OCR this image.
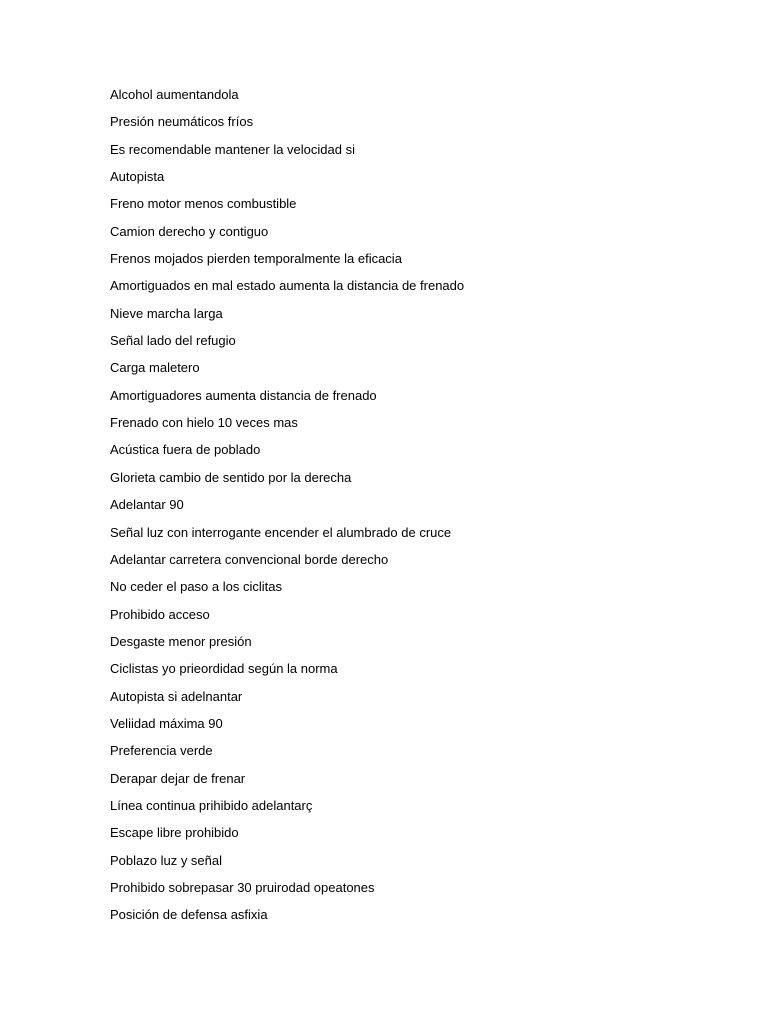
Alcohol aumentandola
Presión neumáticos fríos
Es recomendable mantener la velocidad si
Autopista
Freno motor menos combustible
Camion derecho y contiguo
Frenos mojados pierden temporalmente la eficacia
Amortiguados en mal estado aumenta la distancia de frenado
Nieve marcha larga
Señal lado del refugio
Carga maletero
Amortiguadores aumenta distancia de frenado
Frenado con hielo 10 veces mas
Acústica fuera de poblado
Glorieta cambio de sentido por la derecha
Adelantar 90
Señal luz con interrogante encender el alumbrado de cruce
Adelantar carretera convencional borde derecho
No ceder el paso a los ciclitas
Prohibido acceso
Desgaste menor presión
Ciclistas yo prieordidad según la norma
Autopista si adelnantar
Veliidad máxima 90
Preferencia verde
Derapar dejar de frenar
Línea continua prihibido adelantarç
Escape libre prohibido
Poblazo luz y señal
Prohibido sobrepasar 30 pruirodad opeatones
Posición de defensa asfixia
